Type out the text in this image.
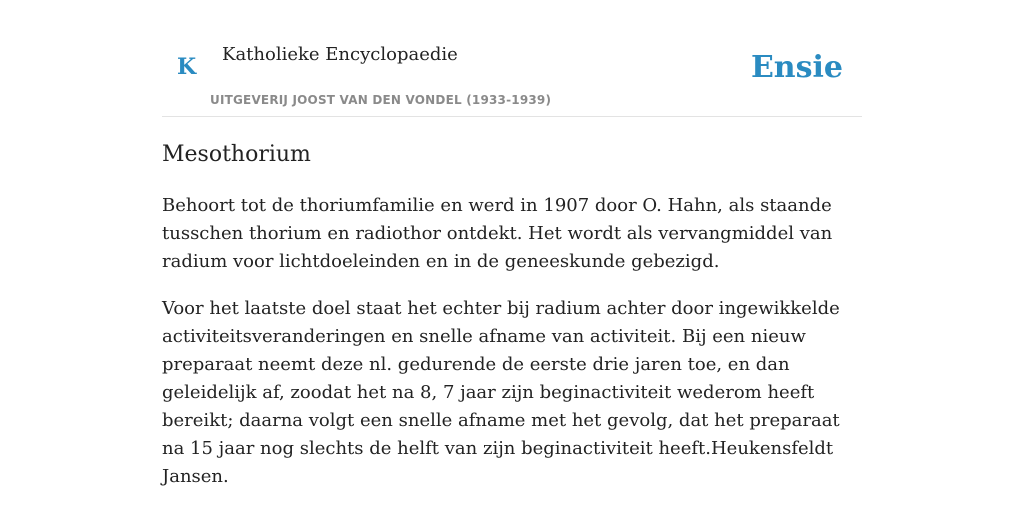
K Katholieke Encyclopaedie
UITGEVERIJ JOOST VAN DEN VONDEL (1933-1939)
Ensie
Mesothorium

Behoort tot de thoriumfamilie en werd in 1907 door O. Hahn, als staande tusschen thorium en radiothor ontdekt. Het wordt als vervangmiddel van radium voor lichtdoeleinden en in de geneeskunde gebezigd.

Voor het laatste doel staat het echter bij radium achter door ingewikkelde activiteitsveranderingen en snelle afname van activiteit. Bij een nieuw preparaat neemt deze nl. gedurende de eerste drie jaren toe, en dan geleidelijk af, zoodat het na 8, 7 jaar zijn beginactiviteit wederom heeft bereikt; daarna volgt een snelle afname met het gevolg, dat het preparaat na 15 jaar nog slechts de helft van zijn beginactiviteit heeft.Heukensfeldt Jansen.
